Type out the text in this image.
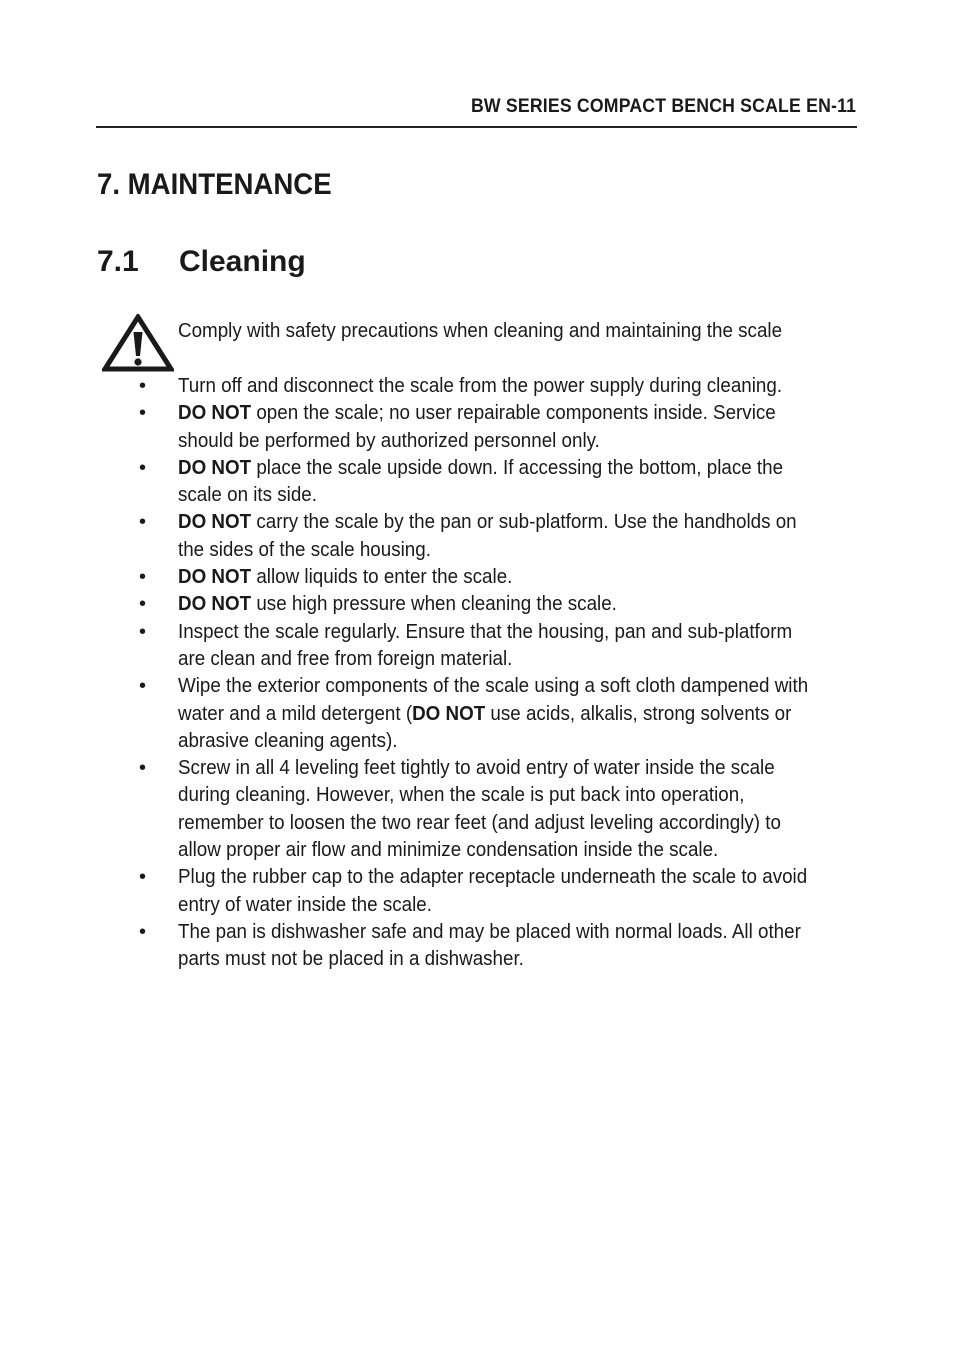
BW SERIES COMPACT BENCH SCALE EN-11
7. MAINTENANCE
7.1 Cleaning
Comply with safety precautions when cleaning and maintaining the scale
• Turn off and disconnect the scale from the power supply during cleaning.
• DO NOT open the scale; no user repairable components inside. Service
should be performed by authorized personnel only.
• DO NOT place the scale upside down. If accessing the bottom, place the
scale on its side.
• DO NOT carry the scale by the pan or sub-platform. Use the handholds on
the sides of the scale housing.
• DO NOT allow liquids to enter the scale.
• DO NOT use high pressure when cleaning the scale.
• Inspect the scale regularly. Ensure that the housing, pan and sub-platform
are clean and free from foreign material.
• Wipe the exterior components of the scale using a soft cloth dampened with
water and a mild detergent (DO NOT use acids, alkalis, strong solvents or
abrasive cleaning agents).
• Screw in all 4 leveling feet tightly to avoid entry of water inside the scale
during cleaning. However, when the scale is put back into operation,
remember to loosen the two rear feet (and adjust leveling accordingly) to
allow proper air flow and minimize condensation inside the scale.
• Plug the rubber cap to the adapter receptacle underneath the scale to avoid
entry of water inside the scale.
• The pan is dishwasher safe and may be placed with normal loads. All other
parts must not be placed in a dishwasher.
